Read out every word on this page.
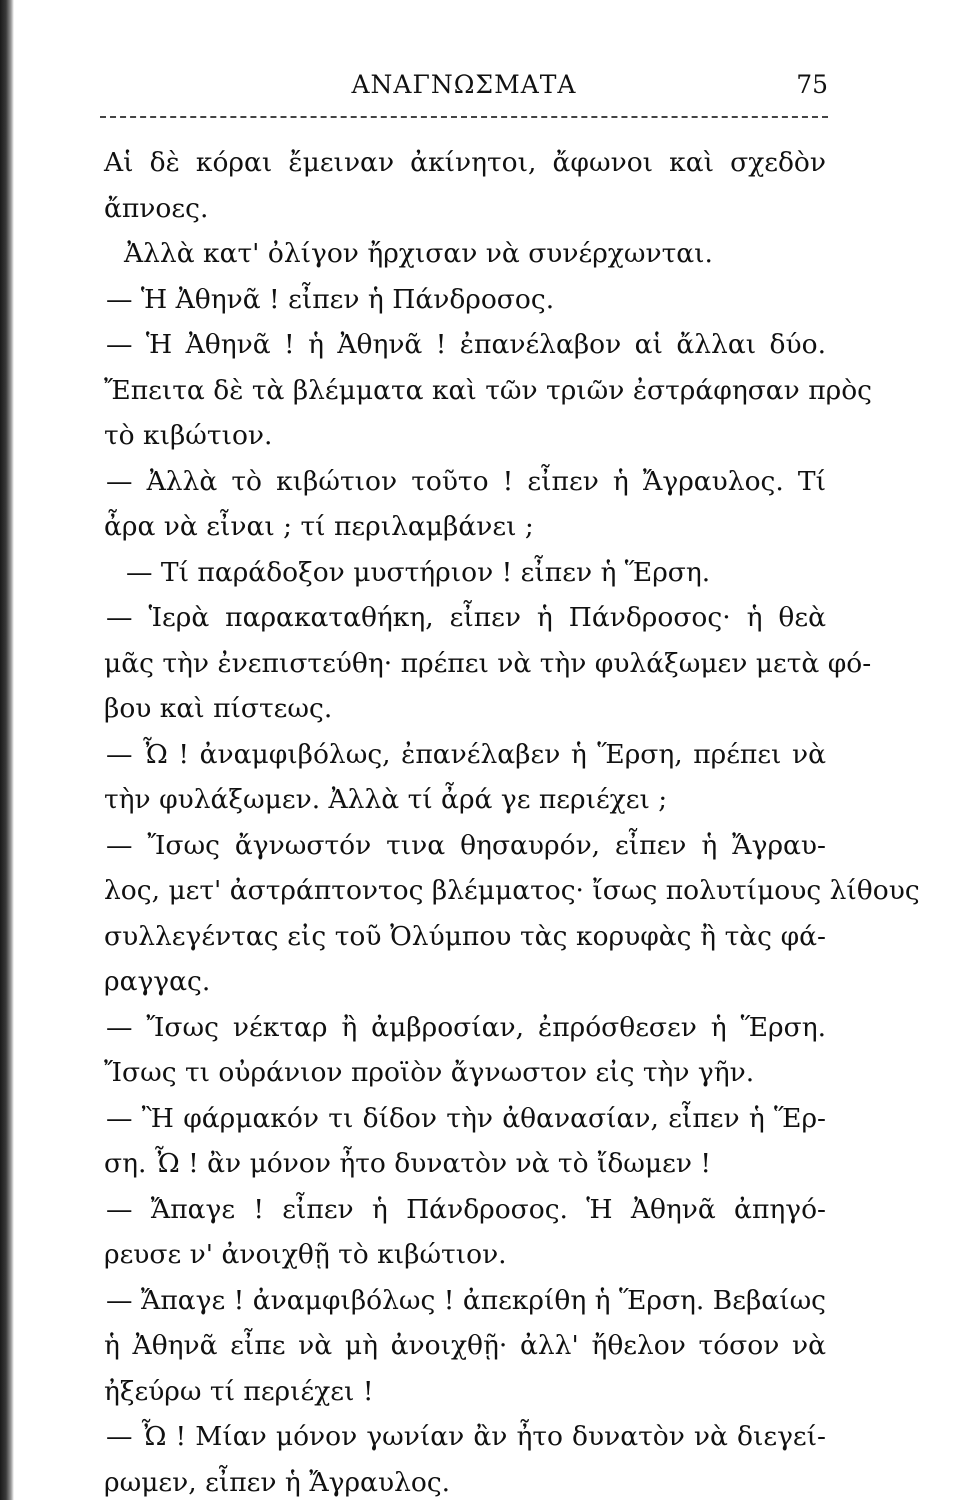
ΑΝΑΓΝΩΣΜΑΤΑ	75
Αἱ δὲ κόραι ἔμειναν ἀκίνητοι, ἄφωνοι καὶ σχεδὸν
ἄπνοες.
Ἀλλὰ κατ' ὀλίγον ἤρχισαν νὰ συνέρχωνται.
— Ἡ Ἀθηνᾶ ! εἶπεν ἡ Πάνδροσος.
— Ἡ Ἀθηνᾶ ! ἡ Ἀθηνᾶ ! ἐπανέλαβον αἱ ἄλλαι δύο.
Ἔπειτα δὲ τὰ βλέμματα καὶ τῶν τριῶν ἐστράφησαν πρὸς
τὸ κιβώτιον.
— Ἀλλὰ τὸ κιβώτιον τοῦτο ! εἶπεν ἡ Ἄγραυλος. Τί
ἆρα νὰ εἶναι ; τί περιλαμβάνει ;
— Τί παράδοξον μυστήριον ! εἶπεν ἡ Ἕρση.
— Ἱερὰ παρακαταθήκη, εἶπεν ἡ Πάνδροσος· ἡ θεὰ
μᾶς τὴν ἐνεπιστεύθη· πρέπει νὰ τὴν φυλάξωμεν μετὰ φό-
βου καὶ πίστεως.
— Ὦ ! ἀναμφιβόλως, ἐπανέλαβεν ἡ Ἕρση, πρέπει νὰ
τὴν φυλάξωμεν. Ἀλλὰ τί ἆρά γε περιέχει ;
— Ἴσως ἄγνωστόν τινα θησαυρόν, εἶπεν ἡ Ἄγραυ-
λος, μετ' ἀστράπτοντος βλέμματος· ἴσως πολυτίμους λίθους
συλλεγέντας εἰς τοῦ Ὀλύμπου τὰς κορυφὰς ἢ τὰς φά-
ραγγας.
— Ἴσως νέκταρ ἢ ἀμβροσίαν, ἐπρόσθεσεν ἡ Ἕρση.
Ἴσως τι οὐράνιον προϊὸν ἄγνωστον εἰς τὴν γῆν.
— Ἢ φάρμακόν τι δίδον τὴν ἀθανασίαν, εἶπεν ἡ Ἕρ-
ση. Ὦ ! ἂν μόνον ἦτο δυνατὸν νὰ τὸ ἴδωμεν !
— Ἄπαγε ! εἶπεν ἡ Πάνδροσος. Ἡ Ἀθηνᾶ ἀπηγό-
ρευσε ν' ἀνοιχθῇ τὸ κιβώτιον.
— Ἄπαγε ! ἀναμφιβόλως ! ἀπεκρίθη ἡ Ἕρση. Βεβαίως
ἡ Ἀθηνᾶ εἶπε νὰ μὴ ἀνοιχθῇ· ἀλλ' ἤθελον τόσον νὰ
ἠξεύρω τί περιέχει !
— Ὦ ! Μίαν μόνον γωνίαν ἂν ἦτο δυνατὸν νὰ διεγεί-
ρωμεν, εἶπεν ἡ Ἄγραυλος.
